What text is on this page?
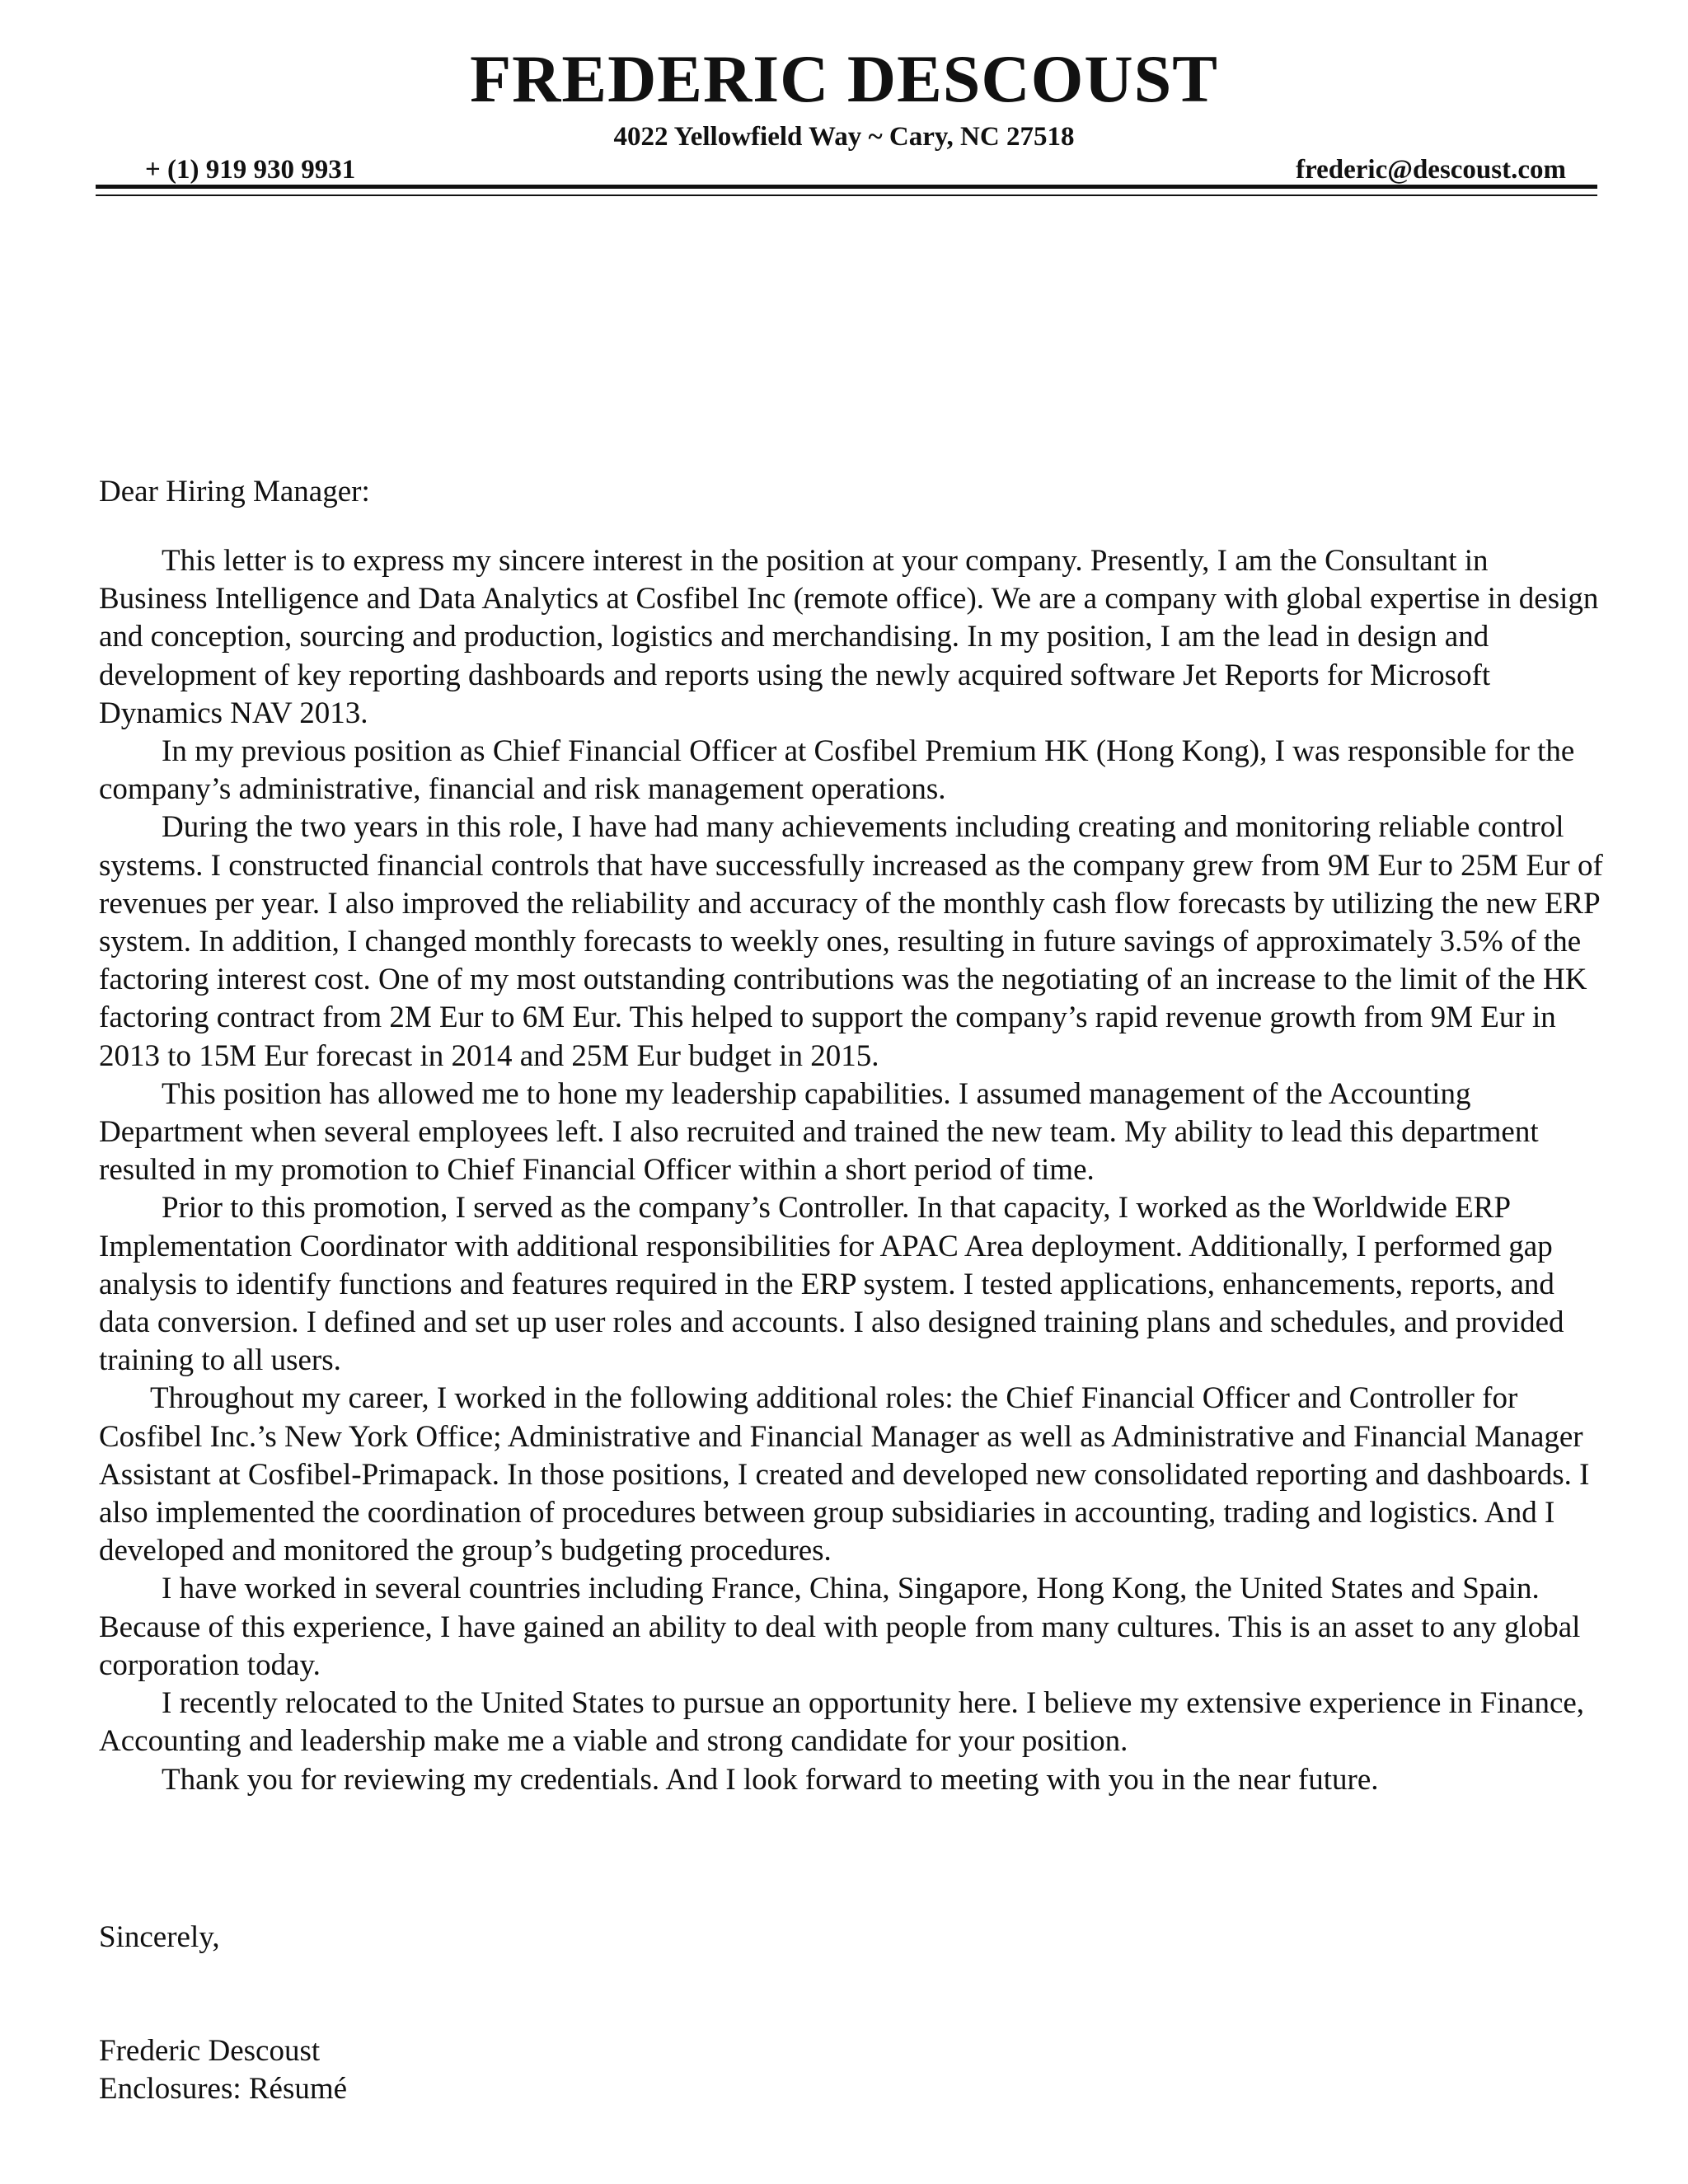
FREDERIC DESCOUST
4022 Yellowfield Way ~ Cary, NC 27518
+ (1) 919 930 9931	frederic@descoust.com
Dear Hiring Manager:

This letter is to express my sincere interest in the position at your company. Presently, I am the Consultant in Business Intelligence and Data Analytics at Cosfibel Inc (remote office). We are a company with global expertise in design and conception, sourcing and production, logistics and merchandising. In my position, I am the lead in design and development of key reporting dashboards and reports using the newly acquired software Jet Reports for Microsoft Dynamics NAV 2013.

In my previous position as Chief Financial Officer at Cosfibel Premium HK (Hong Kong), I was responsible for the company’s administrative, financial and risk management operations.

During the two years in this role, I have had many achievements including creating and monitoring reliable control systems. I constructed financial controls that have successfully increased as the company grew from 9M Eur to 25M Eur of revenues per year. I also improved the reliability and accuracy of the monthly cash flow forecasts by utilizing the new ERP system. In addition, I changed monthly forecasts to weekly ones, resulting in future savings of approximately 3.5% of the factoring interest cost. One of my most outstanding contributions was the negotiating of an increase to the limit of the HK factoring contract from 2M Eur to 6M Eur. This helped to support the company’s rapid revenue growth from 9M Eur in 2013 to 15M Eur forecast in 2014 and 25M Eur budget in 2015.

This position has allowed me to hone my leadership capabilities. I assumed management of the Accounting Department when several employees left. I also recruited and trained the new team. My ability to lead this department resulted in my promotion to Chief Financial Officer within a short period of time.

Prior to this promotion, I served as the company’s Controller. In that capacity, I worked as the Worldwide ERP Implementation Coordinator with additional responsibilities for APAC Area deployment. Additionally, I performed gap analysis to identify functions and features required in the ERP system. I tested applications, enhancements, reports, and data conversion. I defined and set up user roles and accounts. I also designed training plans and schedules, and provided training to all users.

Throughout my career, I worked in the following additional roles: the Chief Financial Officer and Controller for Cosfibel Inc.’s New York Office; Administrative and Financial Manager as well as Administrative and Financial Manager Assistant at Cosfibel-Primapack. In those positions, I created and developed new consolidated reporting and dashboards. I also implemented the coordination of procedures between group subsidiaries in accounting, trading and logistics. And I developed and monitored the group’s budgeting procedures.

I have worked in several countries including France, China, Singapore, Hong Kong, the United States and Spain. Because of this experience, I have gained an ability to deal with people from many cultures. This is an asset to any global corporation today.

I recently relocated to the United States to pursue an opportunity here. I believe my extensive experience in Finance, Accounting and leadership make me a viable and strong candidate for your position.

Thank you for reviewing my credentials. And I look forward to meeting with you in the near future.

Sincerely,
Frederic Descoust
Enclosures: Résumé
